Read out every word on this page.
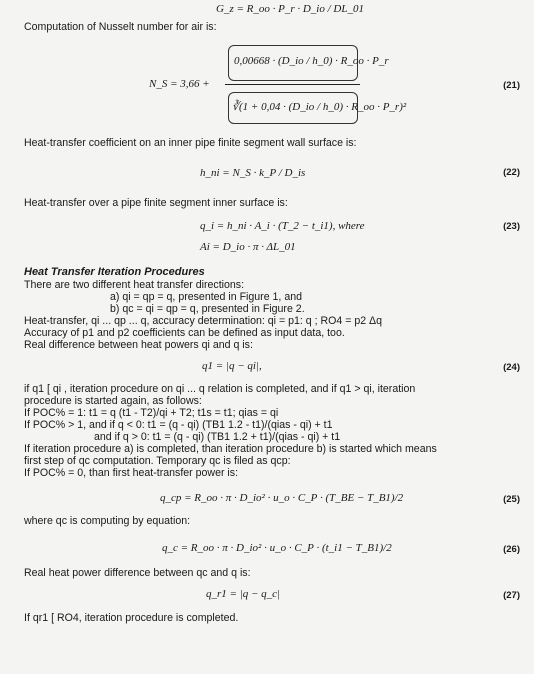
G_z = R_oo · P_r · D_io / DL_01
Computation of Nusselt number for air is:
N_S = 3,66 +
0,00668 · (D_io / h_0) · R_oo · P_r
∛(1 + 0,04 · (D_io / h_0) · R_oo · P_r)²
(21)
Heat-transfer coefficient on an inner pipe finite segment wall surface is:
h_ni = N_S · k_P / D_is	(22)
Heat-transfer over a pipe finite segment inner surface is:
q_i = h_ni · A_i · (T_2 − t_i1), where	(23)
Ai = D_io · π · ΔL_01
Heat Transfer Iteration Procedures
There are two different heat transfer directions:
a) qi = qp = q, presented in Figure 1, and
b) qc = qi = qp = q, presented in Figure 2.
Heat-transfer, qi ... qp ... q, accuracy determination: qi = p1: q ; RO4 = p2 Δq
Accuracy of p1 and p2 coefficients can be defined as input data, too.
Real difference between heat powers qi and q is:
q1 = |q − qi|,	(24)
if q1 [ qi , iteration procedure on qi ... q relation is completed, and if q1 > qi, iteration
procedure is started again, as follows:
If POC% = 1: t1 = q (t1 - T2)/qi + T2; t1s = t1; qias = qi
If POC% > 1, and if q < 0: t1 = (q - qi) (TB1 1.2 - t1)/(qias - qi) + t1
and if q > 0: t1 = (q - qi) (TB1 1.2 + t1)/(qias - qi) + t1
If iteration procedure a) is completed, than iteration procedure b) is started which means
first step of qc computation. Temporary qc is filed as qcp:
If POC% = 0, than first heat-transfer power is:
q_cp = R_oo · π · D_io² · u_o · C_P · (T_BE − T_B1)/2	(25)
where qc is computing by equation:
q_c = R_oo · π · D_io² · u_o · C_P · (t_i1 − T_B1)/2	(26)
Real heat power difference between qc and q is:
q_r1 = |q − q_c|	(27)
If qr1 [ RO4, iteration procedure is completed.
